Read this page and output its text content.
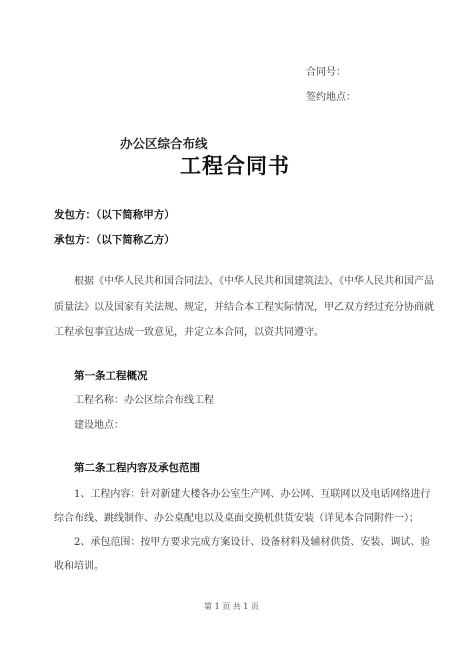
合同号：
签约地点：
办公区综合布线
工程合同书
发包方：（以下简称甲方）
承包方：（以下简称乙方）
根据《中华人民共和国合同法》、《中华人民共和国建筑法》、《中华人民共和国产品
质量法》以及国家有关法规、规定，并结合本工程实际情况，甲乙双方经过充分协商就
工程承包事宜达成一致意见，并定立本合同，以资共同遵守。
第一条工程概况
工程名称：办公区综合布线工程
建设地点：
第二条工程内容及承包范围
1、工程内容：针对新建大楼各办公室生产网、办公网、互联网以及电话网络进行
综合布线、跳线制作、办公桌配电以及桌面交换机供货安装（详见本合同附件一）；
2、承包范围：按甲方要求完成方案设计、设备材料及辅材供货、安装、调试、验
收和培训。
第 1 页 共 1 页
